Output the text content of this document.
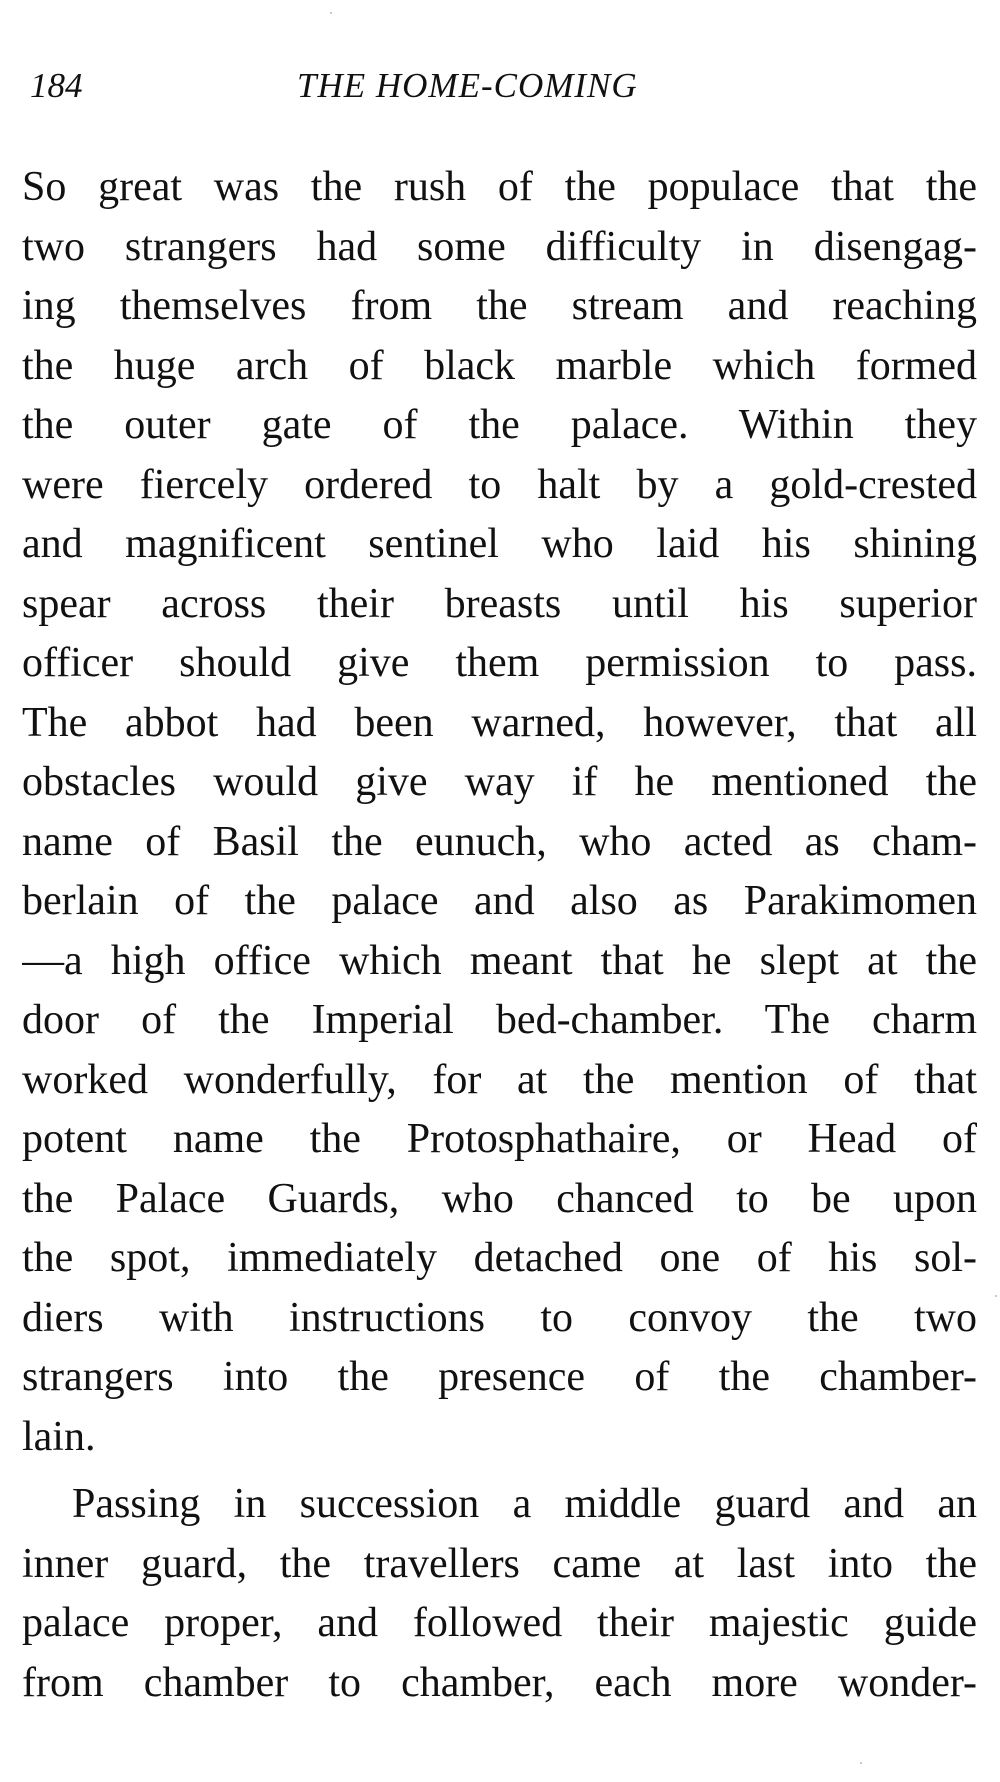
184	THE HOME-COMING
So great was the rush of the populace that the
two strangers had some difficulty in disengag-
ing themselves from the stream and reaching
the huge arch of black marble which formed
the outer gate of the palace. Within they
were fiercely ordered to halt by a gold-crested
and magnificent sentinel who laid his shining
spear across their breasts until his superior
officer should give them permission to pass.
The abbot had been warned, however, that all
obstacles would give way if he mentioned the
name of Basil the eunuch, who acted as cham-
berlain of the palace and also as Parakimomen
—a high office which meant that he slept at the
door of the Imperial bed-chamber. The charm
worked wonderfully, for at the mention of that
potent name the Protosphathaire, or Head of
the Palace Guards, who chanced to be upon
the spot, immediately detached one of his sol-
diers with instructions to convoy the two
strangers into the presence of the chamber-
lain.
Passing in succession a middle guard and an
inner guard, the travellers came at last into the
palace proper, and followed their majestic guide
from chamber to chamber, each more wonder-
